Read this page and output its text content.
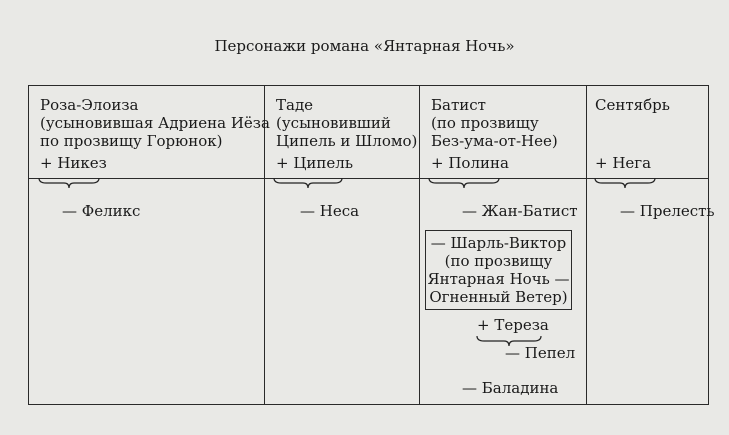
Персонажи романа «Янтарная Ночь»
Роза-Элоиза
(усыновившая Адриена Иёза
по прозвищу Горюнок)
+ Никез
— Феликс
Таде
(усыновивший
Ципель и Шломо)
+ Ципель
— Неса
Батист
(по прозвищу
Без-ума-от-Нее)
+ Полина
— Жан-Батист
— Шарль-Виктор
(по прозвищу
Янтарная Ночь —
Огненный Ветер)
+ Тереза
— Пепел
— Баладина
Сентябрь
+ Нега
— Прелесть
